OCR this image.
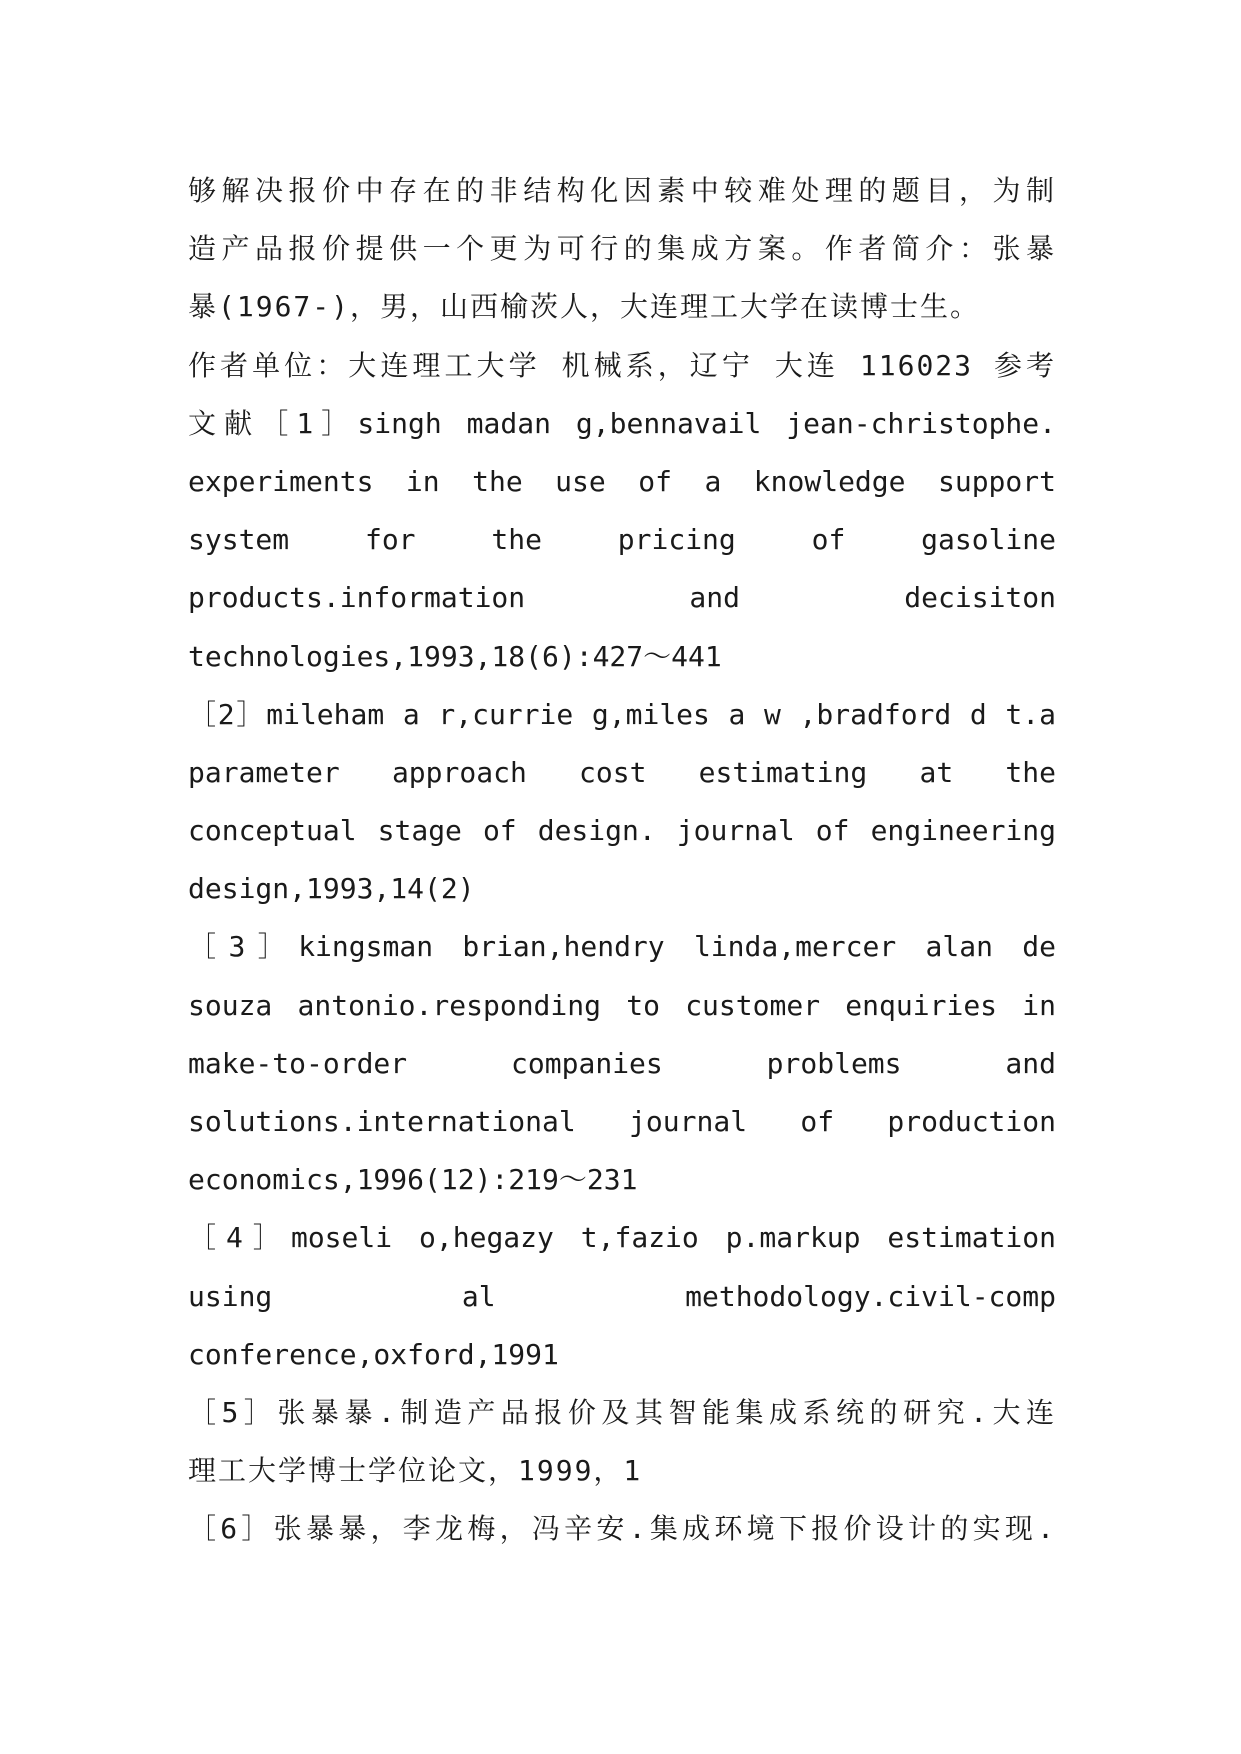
够解决报价中存在的非结构化因素中较难处理的题目，为制
造产品报价提供一个更为可行的集成方案。作者简介：张暴
暴(1967-)，男，山西榆茨人，大连理工大学在读博士生。
作者单位：大连理工大学 机械系，辽宁 大连 116023 参考
文献［1］singh madan g,bennavail jean-christophe.
experiments in the use of a knowledge support
system for the pricing of gasoline
products.information and decisiton
technologies,1993,18(6):427～441
［2］mileham a r,currie g,miles a w ,bradford d t.a
parameter approach cost estimating at the
conceptual stage of design. journal of engineering
design,1993,14(2)
［3］kingsman brian,hendry linda,mercer alan de
souza antonio.responding to customer enquiries in
make-to-order companies problems and
solutions.international journal of production
economics,1996(12):219～231
［4］moseli o,hegazy t,fazio p.markup estimation
using al methodology.civil-comp
conference,oxford,1991
［5］张暴暴.制造产品报价及其智能集成系统的研究.大连
理工大学博士学位论文，1999，1
［6］张暴暴，李龙梅，冯辛安.集成环境下报价设计的实现.
